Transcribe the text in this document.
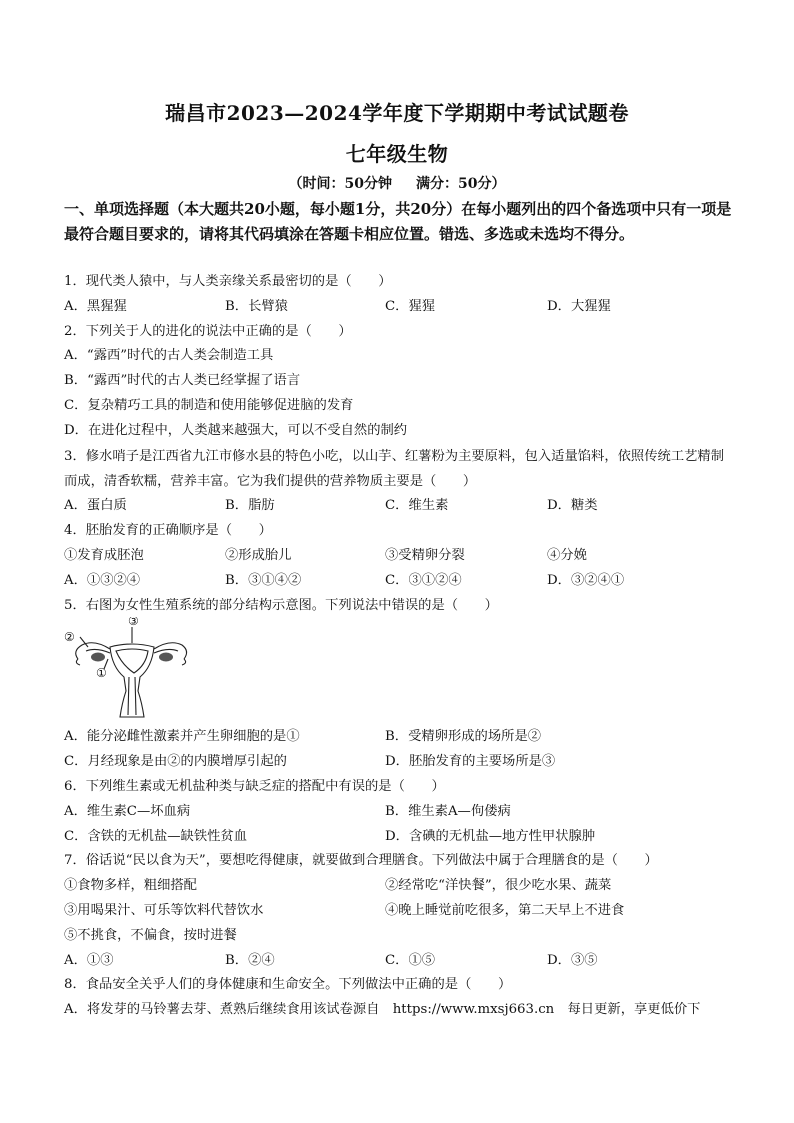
瑞昌市2023—2024学年度下学期期中考试试题卷
七年级生物
（时间：50分钟 满分：50分）
一、单项选择题（本大题共20小题，每小题1分，共20分）在每小题列出的四个备选项中只有一项是最符合题目要求的，请将其代码填涂在答题卡相应位置。错选、多选或未选均不得分。
1．现代类人猿中，与人类亲缘关系最密切的是（　　）
A．黑猩猩	B．长臂猿	C．猩猩	D．大猩猩
2．下列关于人的进化的说法中正确的是（　　）
A．“露西”时代的古人类会制造工具
B．“露西”时代的古人类已经掌握了语言
C．复杂精巧工具的制造和使用能够促进脑的发育
D．在进化过程中，人类越来越强大，可以不受自然的制约
3．修水哨子是江西省九江市修水县的特色小吃，以山芋、红薯粉为主要原料，包入适量馅料，依照传统工艺精制而成，清香软糯，营养丰富。它为我们提供的营养物质主要是（　　）
A．蛋白质	B．脂肪	C．维生素	D．糖类
4．胚胎发育的正确顺序是（　　）
①发育成胚泡	②形成胎儿	③受精卵分裂	④分娩
A．①③②④	B．③①④②	C．③①②④	D．③②④①
5．右图为女性生殖系统的部分结构示意图。下列说法中错误的是（　　）
③
②
①
A．能分泌雌性激素并产生卵细胞的是①	B．受精卵形成的场所是②
C．月经现象是由②的内膜增厚引起的	D．胚胎发育的主要场所是③
6．下列维生素或无机盐种类与缺乏症的搭配中有误的是（　　）
A．维生素C—坏血病	B．维生素A—佝偻病
C．含铁的无机盐—缺铁性贫血	D．含碘的无机盐—地方性甲状腺肿
7．俗话说“民以食为天”，要想吃得健康，就要做到合理膳食。下列做法中属于合理膳食的是（　　）
①食物多样，粗细搭配	②经常吃“洋快餐”，很少吃水果、蔬菜
③用喝果汁、可乐等饮料代替饮水	④晚上睡觉前吃很多，第二天早上不进食
⑤不挑食，不偏食，按时进餐
A．①③	B．②④	C．①⑤	D．③⑤
8．食品安全关乎人们的身体健康和生命安全。下列做法中正确的是（　　）
A．将发芽的马铃薯去芽、煮熟后继续食用该试卷源自　https://www.mxsj663.cn　每日更新，享更低价下
